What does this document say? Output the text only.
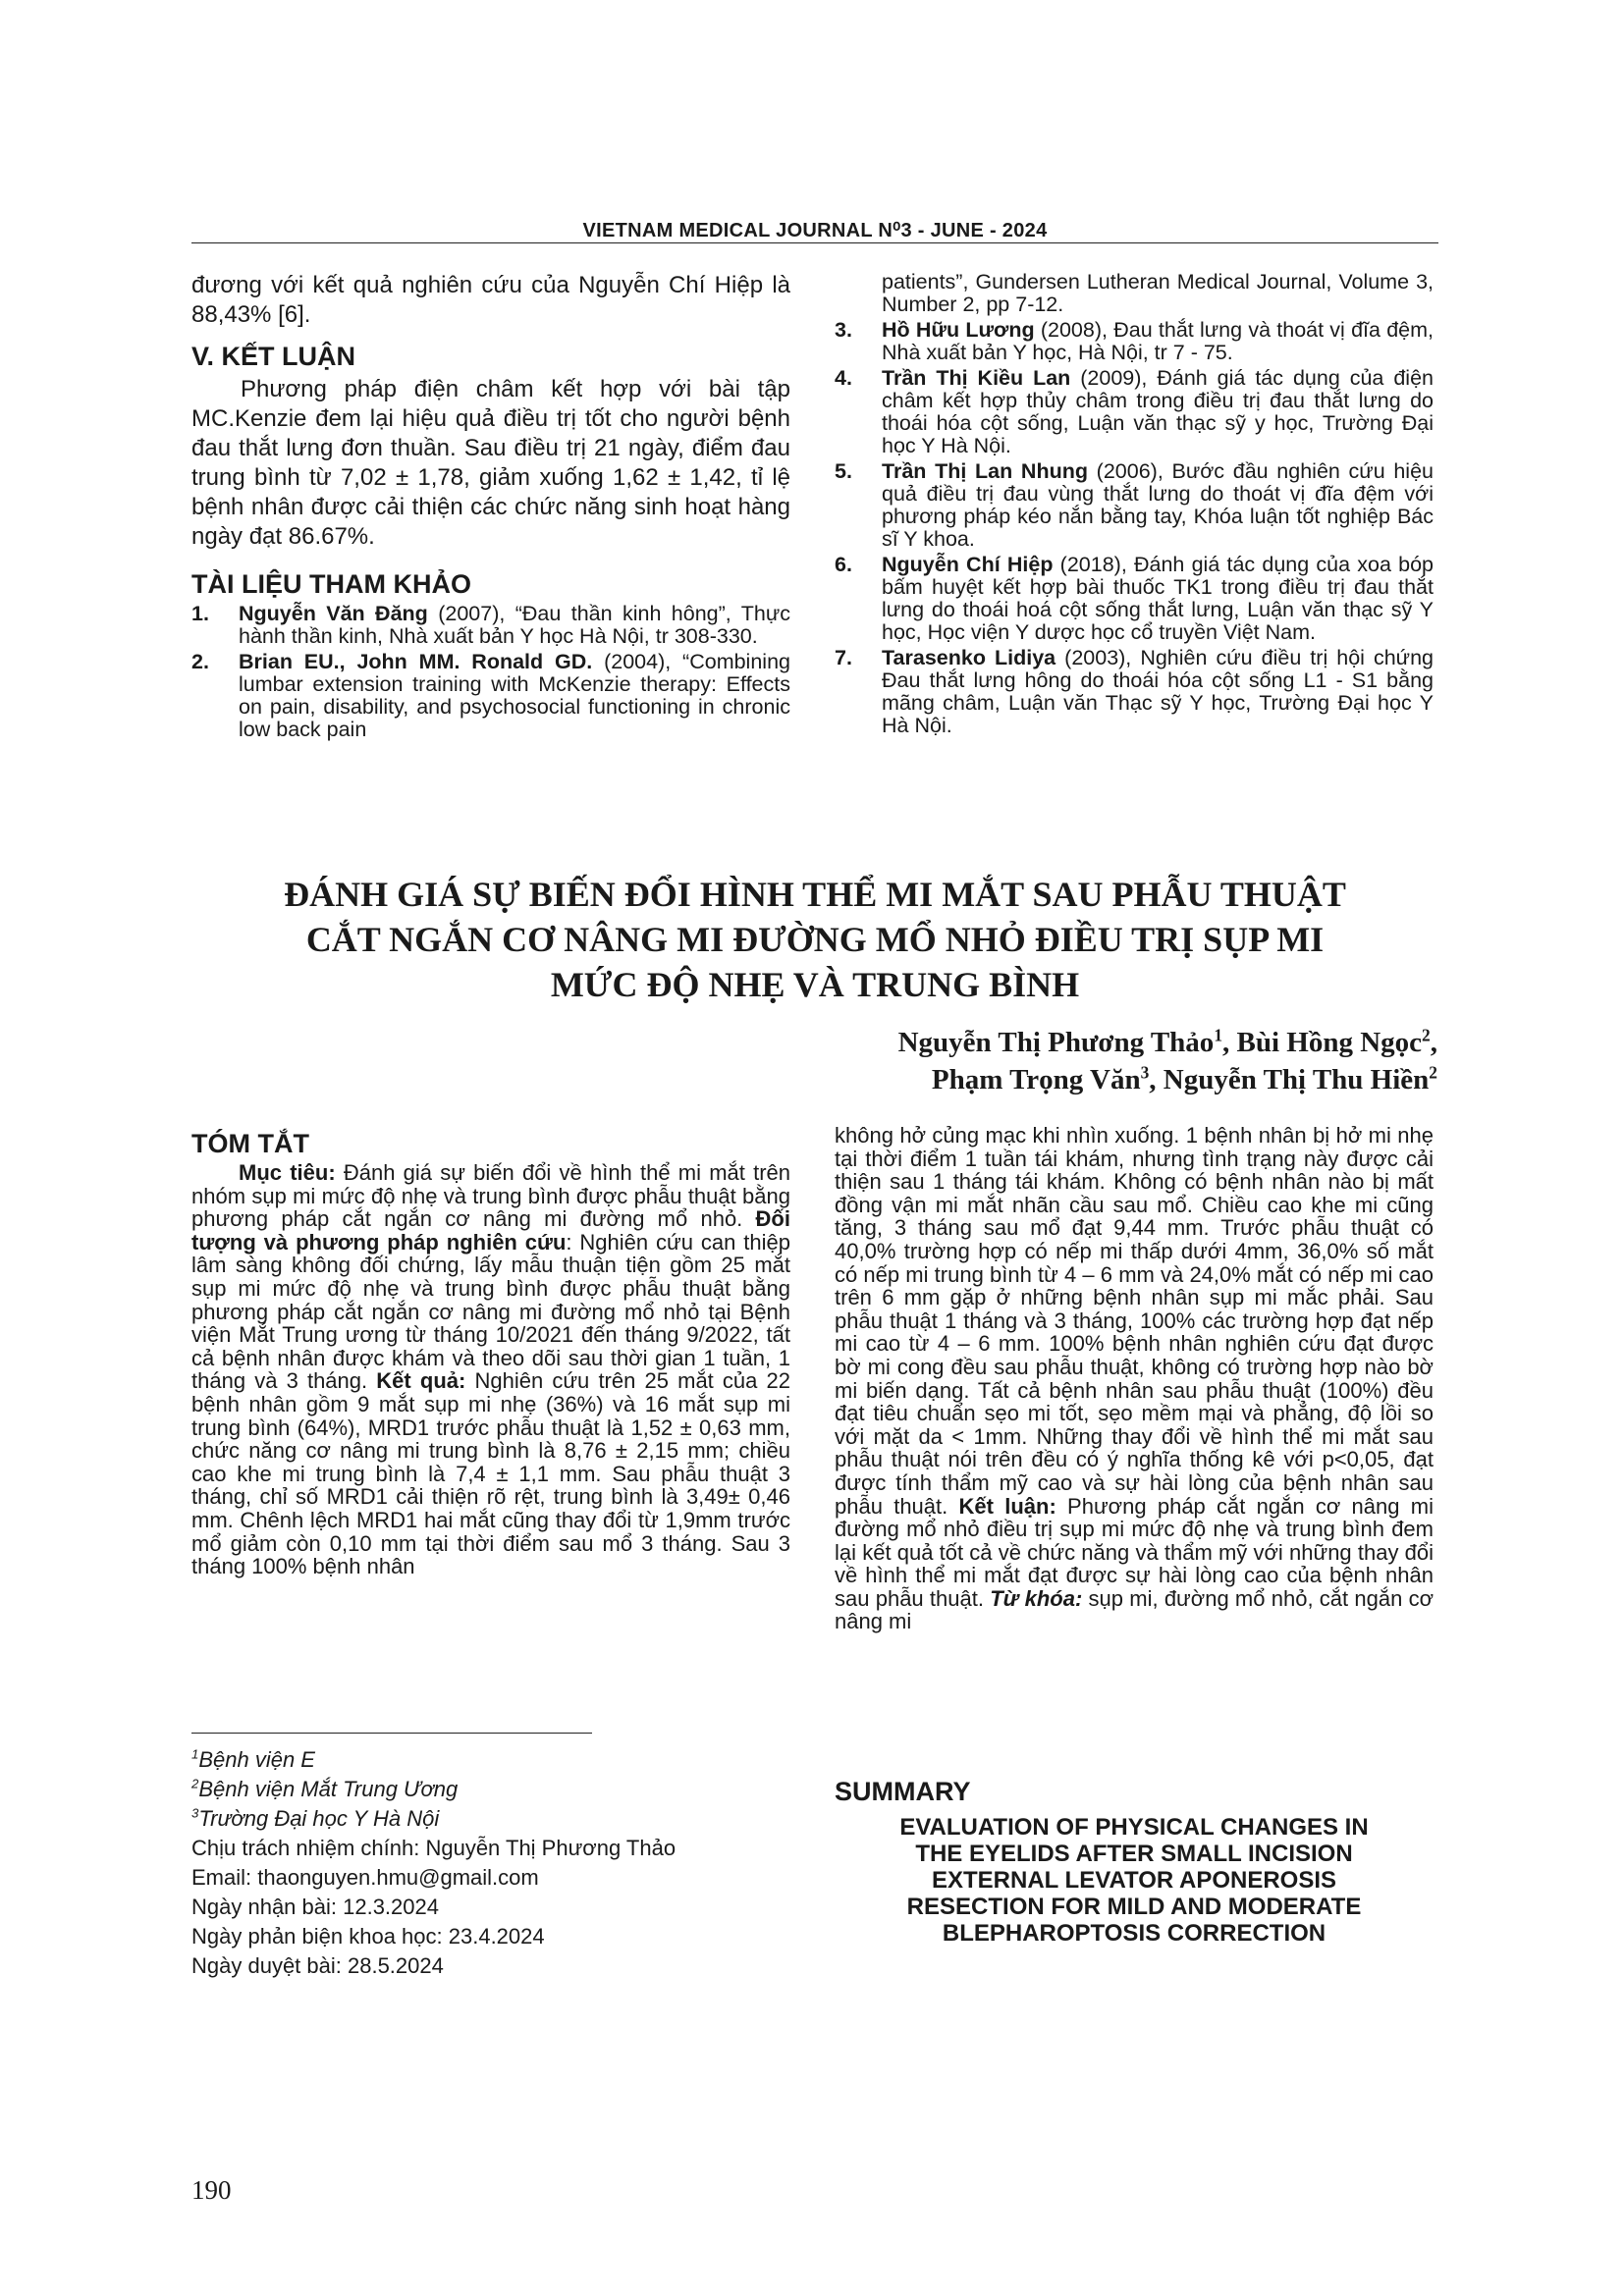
VIETNAM MEDICAL JOURNAL N⁰3 - JUNE - 2024
đương với kết quả nghiên cứu của Nguyễn Chí Hiệp là 88,43% [6].
V. KẾT LUẬN
Phương pháp điện châm kết hợp với bài tập MC.Kenzie đem lại hiệu quả điều trị tốt cho người bệnh đau thắt lưng đơn thuần. Sau điều trị 21 ngày, điểm đau trung bình từ 7,02 ± 1,78, giảm xuống 1,62 ± 1,42, tỉ lệ bệnh nhân được cải thiện các chức năng sinh hoạt hàng ngày đạt 86.67%.
TÀI LIỆU THAM KHẢO
1. Nguyễn Văn Đăng (2007), “Đau thần kinh hông”, Thực hành thần kinh, Nhà xuất bản Y học Hà Nội, tr 308-330.
2. Brian EU., John MM. Ronald GD. (2004), “Combining lumbar extension training with McKenzie therapy: Effects on pain, disability, and psychosocial functioning in chronic low back pain
patients”, Gundersen Lutheran Medical Journal, Volume 3, Number 2, pp 7-12.
3. Hồ Hữu Lương (2008), Đau thắt lưng và thoát vị đĩa đệm, Nhà xuất bản Y học, Hà Nội, tr 7 - 75.
4. Trần Thị Kiều Lan (2009), Đánh giá tác dụng của điện châm kết hợp thủy châm trong điều trị đau thắt lưng do thoái hóa cột sống, Luận văn thạc sỹ y học, Trường Đại học Y Hà Nội.
5. Trần Thị Lan Nhung (2006), Bước đầu nghiên cứu hiệu quả điều trị đau vùng thắt lưng do thoát vị đĩa đệm với phương pháp kéo nắn bằng tay, Khóa luận tốt nghiệp Bác sĩ Y khoa.
6. Nguyễn Chí Hiệp (2018), Đánh giá tác dụng của xoa bóp bấm huyệt kết hợp bài thuốc TK1 trong điều trị đau thắt lưng do thoái hoá cột sống thắt lưng, Luận văn thạc sỹ Y học, Học viện Y dược học cổ truyền Việt Nam.
7. Tarasenko Lidiya (2003), Nghiên cứu điều trị hội chứng Đau thắt lưng hông do thoái hóa cột sống L1 - S1 bằng mãng châm, Luận văn Thạc sỹ Y học, Trường Đại học Y Hà Nội.
ĐÁNH GIÁ SỰ BIẾN ĐỔI HÌNH THỂ MI MẮT SAU PHẪU THUẬT
CẮT NGẮN CƠ NÂNG MI ĐƯỜNG MỔ NHỎ ĐIỀU TRỊ SỤP MI
MỨC ĐỘ NHẸ VÀ TRUNG BÌNH
Nguyễn Thị Phương Thảo$^1$, Bùi Hồng Ngọc$^2$,
Phạm Trọng Văn$^3$, Nguyễn Thị Thu Hiền$^2$
TÓM TẮT
Mục tiêu: Đánh giá sự biến đổi về hình thể mi mắt trên nhóm sụp mi mức độ nhẹ và trung bình được phẫu thuật bằng phương pháp cắt ngắn cơ nâng mi đường mổ nhỏ. Đối tượng và phương pháp nghiên cứu: Nghiên cứu can thiệp lâm sàng không đối chứng, lấy mẫu thuận tiện gồm 25 mắt sụp mi mức độ nhẹ và trung bình được phẫu thuật bằng phương pháp cắt ngắn cơ nâng mi đường mổ nhỏ tại Bệnh viện Mắt Trung ương từ tháng 10/2021 đến tháng 9/2022, tất cả bệnh nhân được khám và theo dõi sau thời gian 1 tuần, 1 tháng và 3 tháng. Kết quả: Nghiên cứu trên 25 mắt của 22 bệnh nhân gồm 9 mắt sụp mi nhẹ (36%) và 16 mắt sụp mi trung bình (64%), MRD1 trước phẫu thuật là 1,52 ± 0,63 mm, chức năng cơ nâng mi trung bình là 8,76 ± 2,15 mm; chiều cao khe mi trung bình là 7,4 ± 1,1 mm. Sau phẫu thuật 3 tháng, chỉ số MRD1 cải thiện rõ rệt, trung bình là 3,49± 0,46 mm. Chênh lệch MRD1 hai mắt cũng thay đổi từ 1,9mm trước mổ giảm còn 0,10 mm tại thời điểm sau mổ 3 tháng. Sau 3 tháng 100% bệnh nhân
không hở củng mạc khi nhìn xuống. 1 bệnh nhân bị hở mi nhẹ tại thời điểm 1 tuần tái khám, nhưng tình trạng này được cải thiện sau 1 tháng tái khám. Không có bệnh nhân nào bị mất đồng vận mi mắt nhãn cầu sau mổ. Chiều cao khe mi cũng tăng, 3 tháng sau mổ đạt 9,44 mm. Trước phẫu thuật có 40,0% trường hợp có nếp mi thấp dưới 4mm, 36,0% số mắt có nếp mi trung bình từ 4 – 6 mm và 24,0% mắt có nếp mi cao trên 6 mm gặp ở những bệnh nhân sụp mi mắc phải. Sau phẫu thuật 1 tháng và 3 tháng, 100% các trường hợp đạt nếp mi cao từ 4 – 6 mm. 100% bệnh nhân nghiên cứu đạt được bờ mi cong đều sau phẫu thuật, không có trường hợp nào bờ mi biến dạng. Tất cả bệnh nhân sau phẫu thuật (100%) đều đạt tiêu chuẩn sẹo mi tốt, sẹo mềm mại và phẳng, độ lồi so với mặt da < 1mm. Những thay đổi về hình thể mi mắt sau phẫu thuật nói trên đều có ý nghĩa thống kê với p<0,05, đạt được tính thẩm mỹ cao và sự hài lòng của bệnh nhân sau phẫu thuật. Kết luận: Phương pháp cắt ngắn cơ nâng mi đường mổ nhỏ điều trị sụp mi mức độ nhẹ và trung bình đem lại kết quả tốt cả về chức năng và thẩm mỹ với những thay đổi về hình thể mi mắt đạt được sự hài lòng cao của bệnh nhân sau phẫu thuật. Từ khóa: sụp mi, đường mổ nhỏ, cắt ngắn cơ nâng mi
$^1$Bệnh viện E
$^2$Bệnh viện Mắt Trung Ương
$^3$Trường Đại học Y Hà Nội
Chịu trách nhiệm chính: Nguyễn Thị Phương Thảo
Email: thaonguyen.hmu@gmail.com
Ngày nhận bài: 12.3.2024
Ngày phản biện khoa học: 23.4.2024
Ngày duyệt bài: 28.5.2024
SUMMARY
EVALUATION OF PHYSICAL CHANGES IN
THE EYELIDS AFTER SMALL INCISION
EXTERNAL LEVATOR APONEROSIS
RESECTION FOR MILD AND MODERATE
BLEPHAROPTOSIS CORRECTION
190
